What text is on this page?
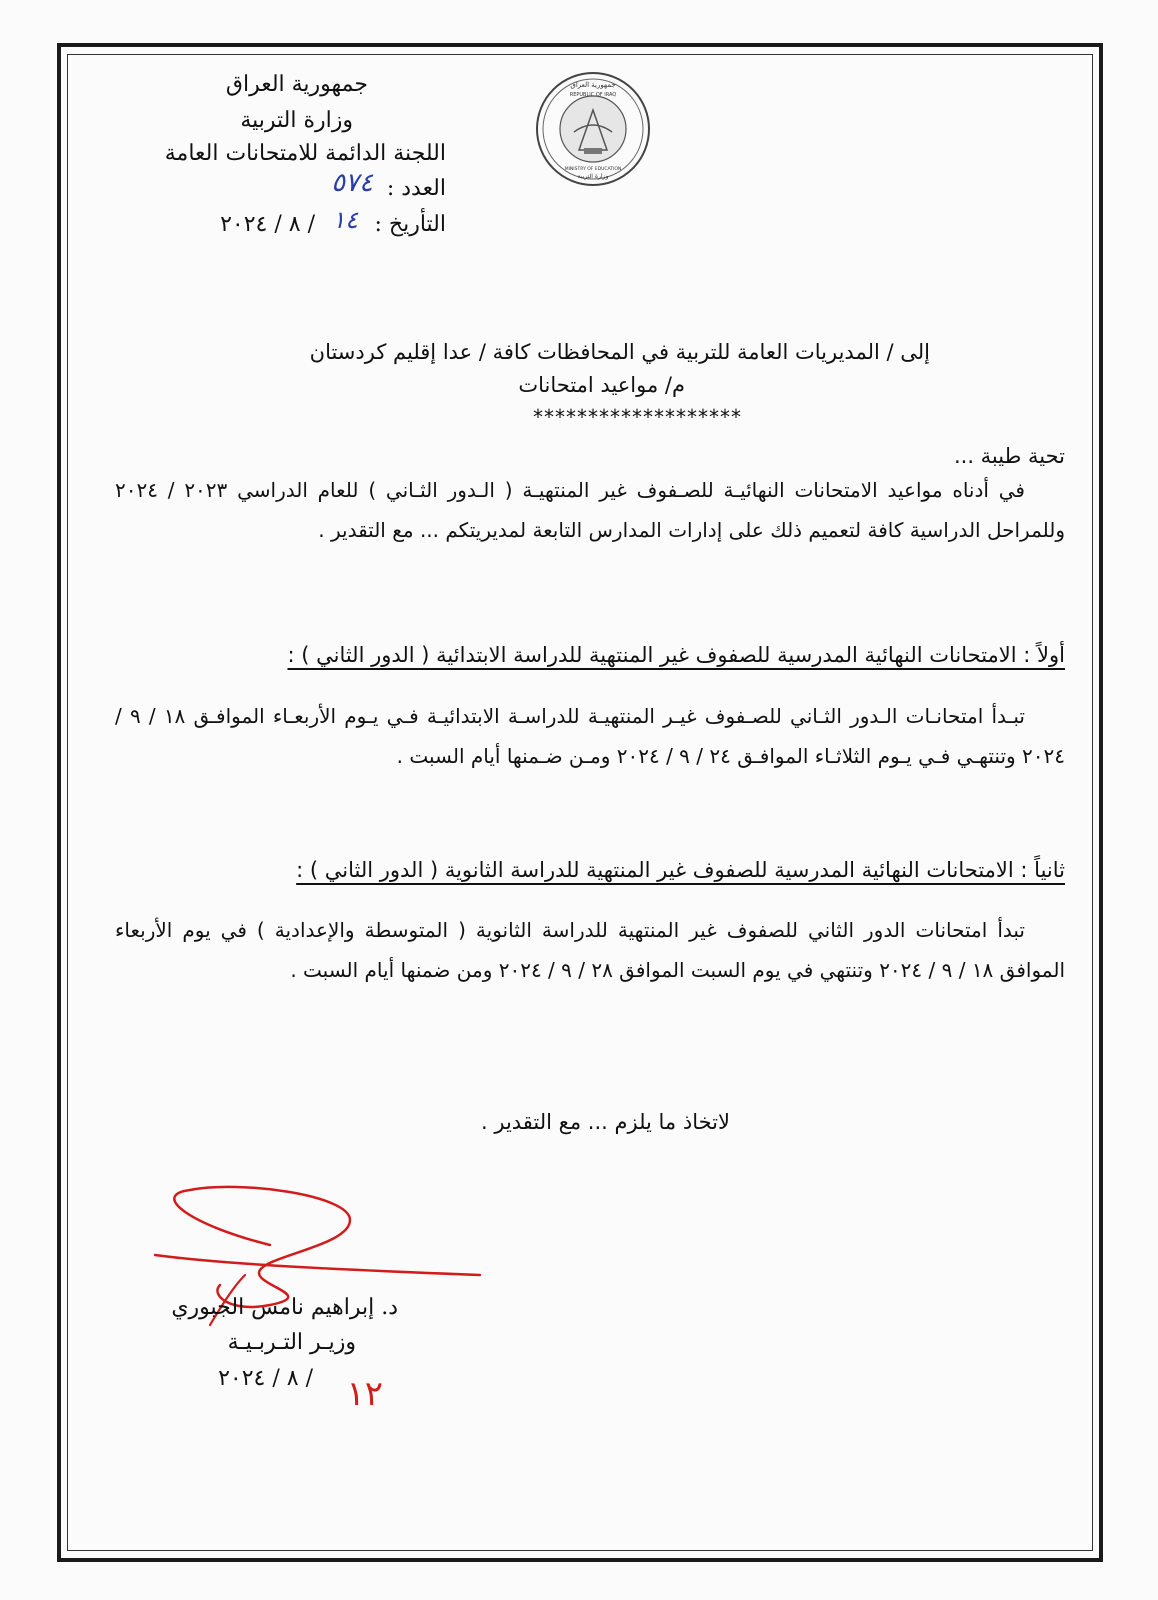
جمهورية العراق
وزارة التربية
اللجنة الدائمة للامتحانات العامة
العدد :
٥٧٤
التأريخ :
١٤
/ ٨ / ٢٠٢٤
جمهورية العراق
REPUBLIC OF IRAQ
MINISTRY OF EDUCATION
وزارة التربية
إلى / المديريات العامة للتربية في المحافظات كافة / عدا إقليم كردستان
م/ مواعيد امتحانات
*******************
تحية طيبة ...
في أدناه مواعيد الامتحانات النهائيـة للصـفوف غير المنتهيـة ( الـدور الثـاني ) للعام الدراسي ٢٠٢٣ / ٢٠٢٤ وللمراحل الدراسية كافة لتعميم ذلك على إدارات المدارس التابعة لمديريتكم ... مع التقدير .
أولاً : الامتحانات النهائية المدرسية للصفوف غير المنتهية للدراسة الابتدائية ( الدور الثاني ) :
تبـدأ امتحانـات الـدور الثـاني للصـفوف غيـر المنتهيـة للدراسـة الابتدائيـة فـي يـوم الأربعـاء الموافـق ١٨ / ٩ / ٢٠٢٤ وتنتهـي فـي يـوم الثلاثـاء الموافـق ٢٤ / ٩ / ٢٠٢٤ ومـن ضـمنها أيام السبت .
ثانياً : الامتحانات النهائية المدرسية للصفوف غير المنتهية للدراسة الثانوية ( الدور الثاني ) :
تبدأ امتحانات الدور الثاني للصفوف غير المنتهية للدراسة الثانوية ( المتوسطة والإعدادية ) في يوم الأربعاء الموافق ١٨ / ٩ / ٢٠٢٤ وتنتهي في يوم السبت الموافق ٢٨ / ٩ / ٢٠٢٤ ومن ضمنها أيام السبت .
لاتخاذ ما يلزم ... مع التقدير .
د. إبراهيم نامس الجبوري
وزيـر التـربـيـة
/ ٨ / ٢٠٢٤ ١٢
